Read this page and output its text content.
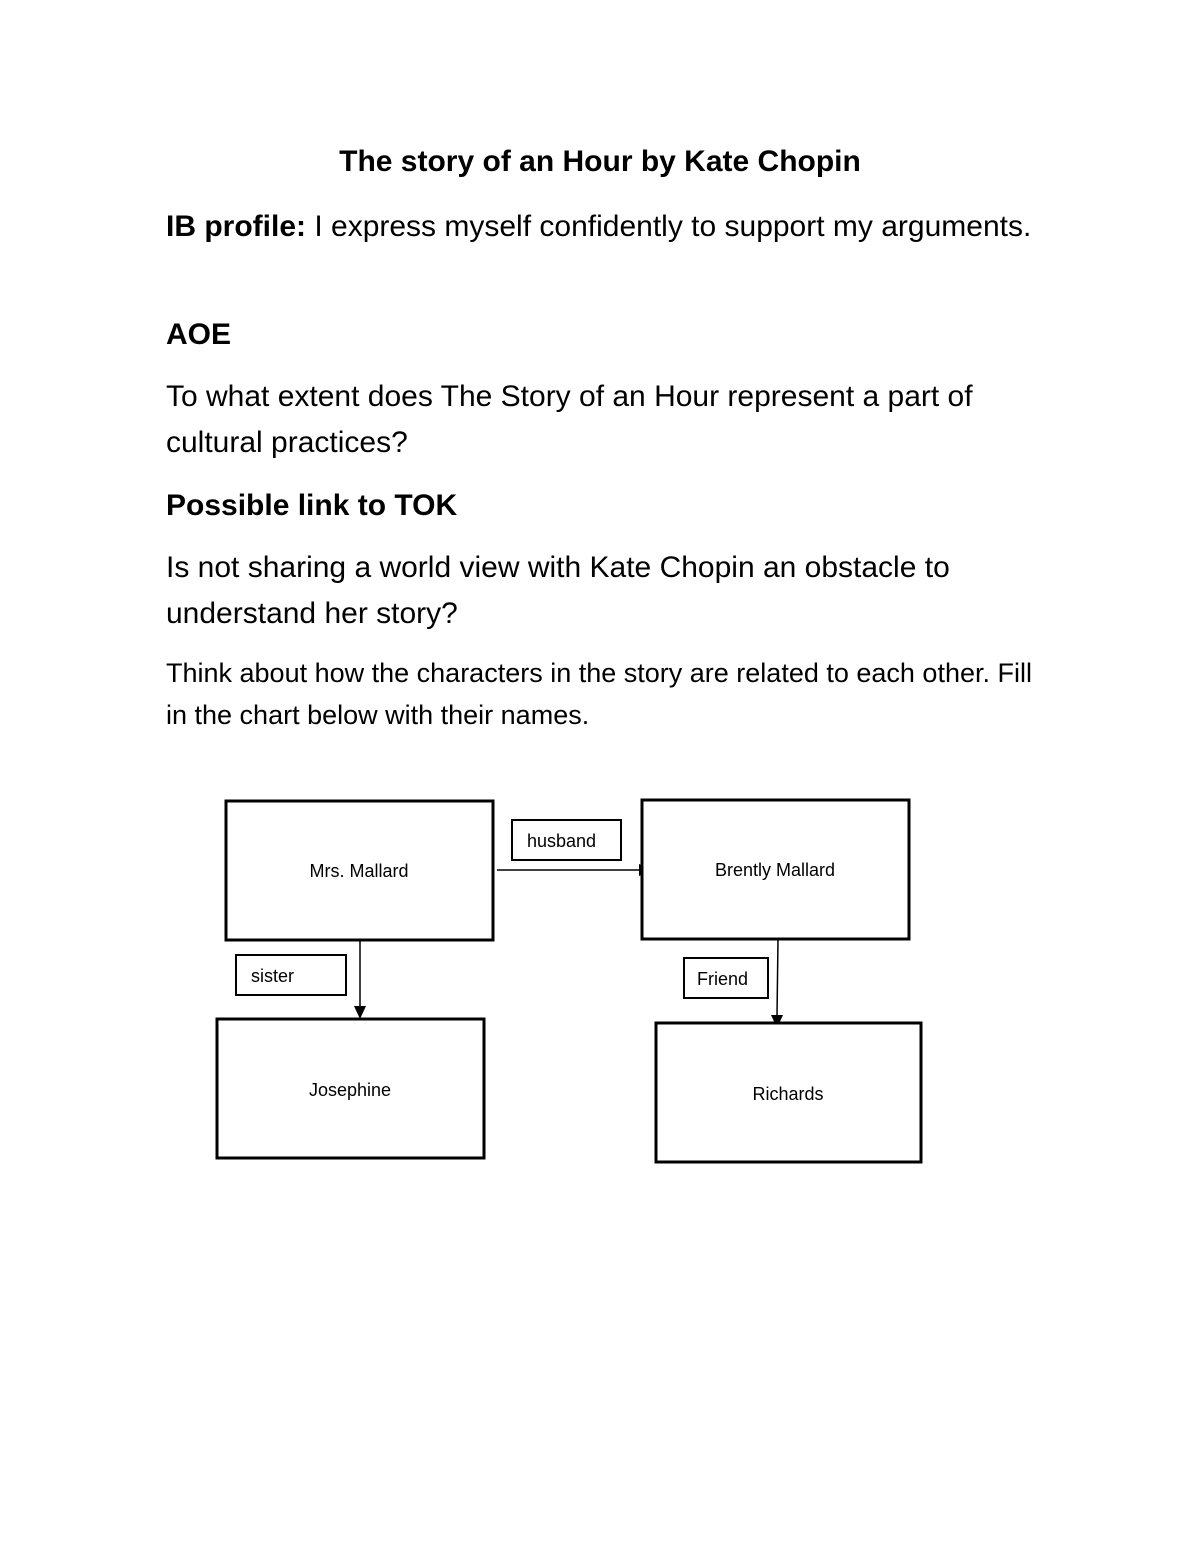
The story of an Hour by Kate Chopin
IB profile: I express myself confidently to support my arguments.
AOE
To what extent does The Story of an Hour represent a part of cultural practices?
Possible link to TOK
Is not sharing a world view with Kate Chopin an obstacle to understand her story?
Think about how the characters in the story are related to each other. Fill in the chart below with their names.
Mrs. Mallard	Brently Mallard
Josephine	Richards
husband
sister	Friend
